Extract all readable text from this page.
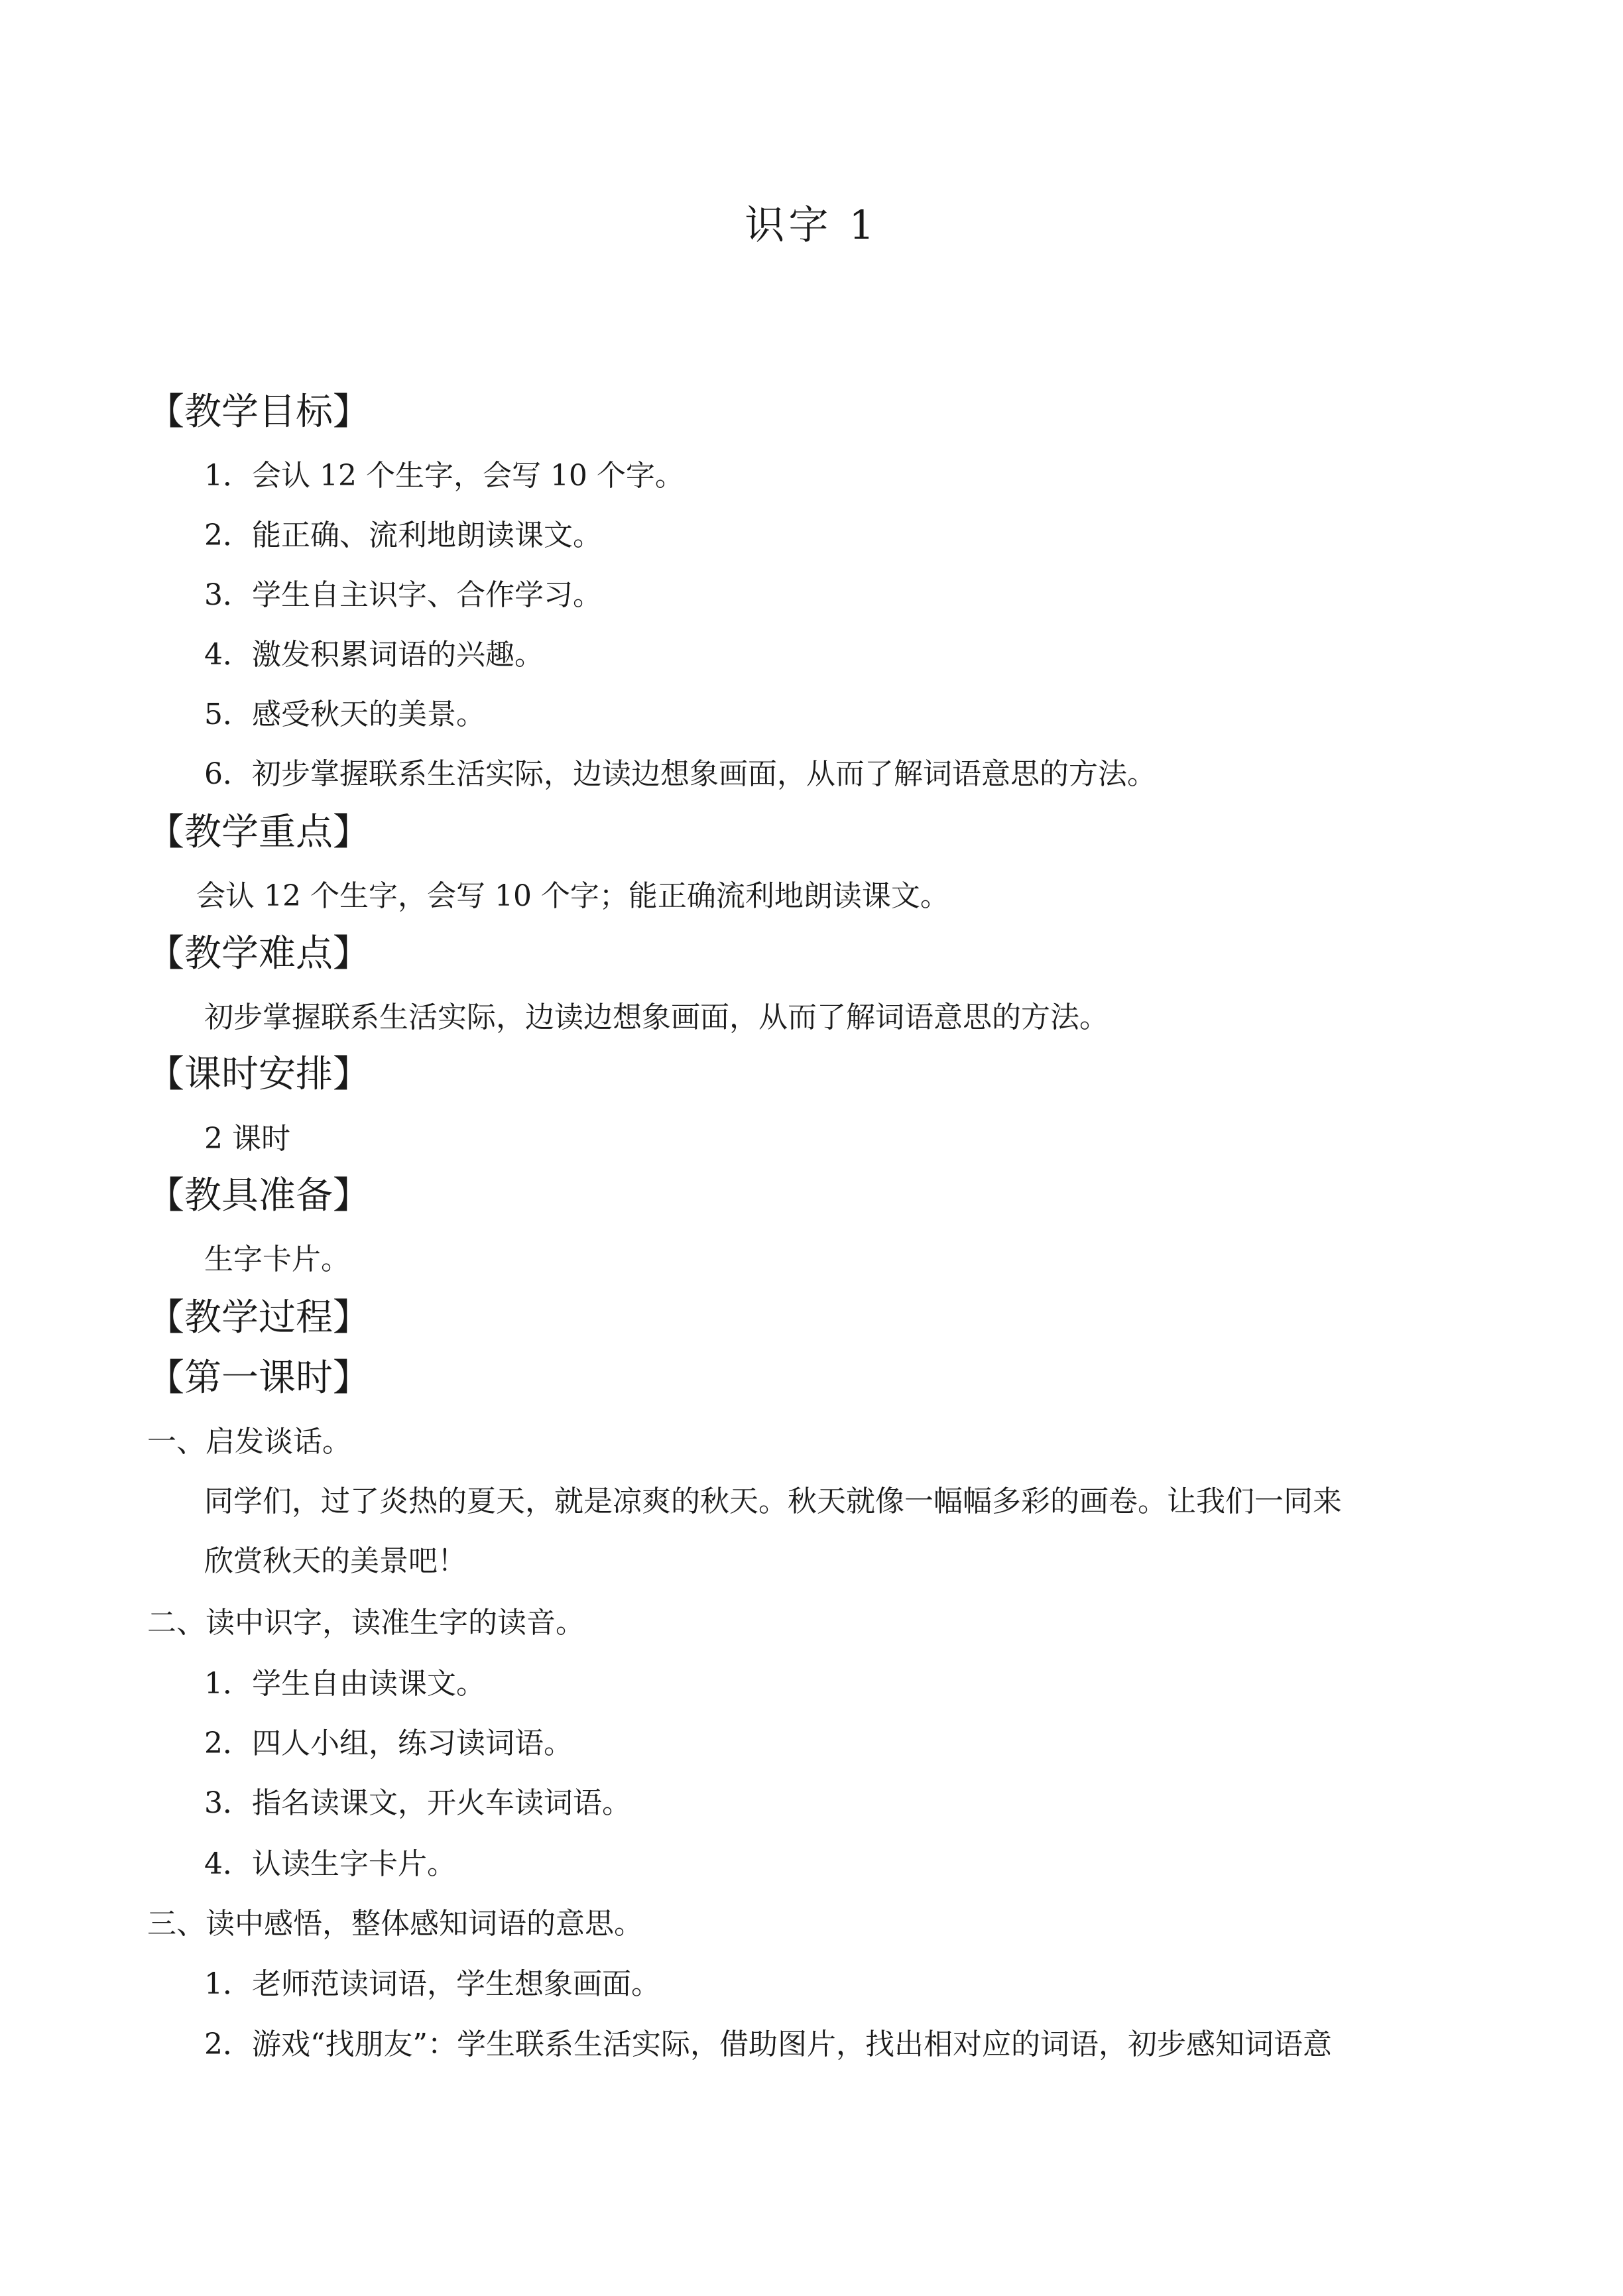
识字 1
【教学目标】
1．会认 12 个生字，会写 10 个字。
2．能正确、流利地朗读课文。
3．学生自主识字、合作学习。
4．激发积累词语的兴趣。
5．感受秋天的美景。
6．初步掌握联系生活实际，边读边想象画面，从而了解词语意思的方法。
【教学重点】
会认 12 个生字，会写 10 个字；能正确流利地朗读课文。
【教学难点】
初步掌握联系生活实际，边读边想象画面，从而了解词语意思的方法。
【课时安排】
2 课时
【教具准备】
生字卡片。
【教学过程】
【第一课时】
一、启发谈话。
同学们，过了炎热的夏天，就是凉爽的秋天。秋天就像一幅幅多彩的画卷。让我们一同来
欣赏秋天的美景吧！
二、读中识字，读准生字的读音。
1．学生自由读课文。
2．四人小组，练习读词语。
3．指名读课文，开火车读词语。
4．认读生字卡片。
三、读中感悟，整体感知词语的意思。
1．老师范读词语，学生想象画面。
2．游戏“找朋友”：学生联系生活实际，借助图片，找出相对应的词语，初步感知词语意
